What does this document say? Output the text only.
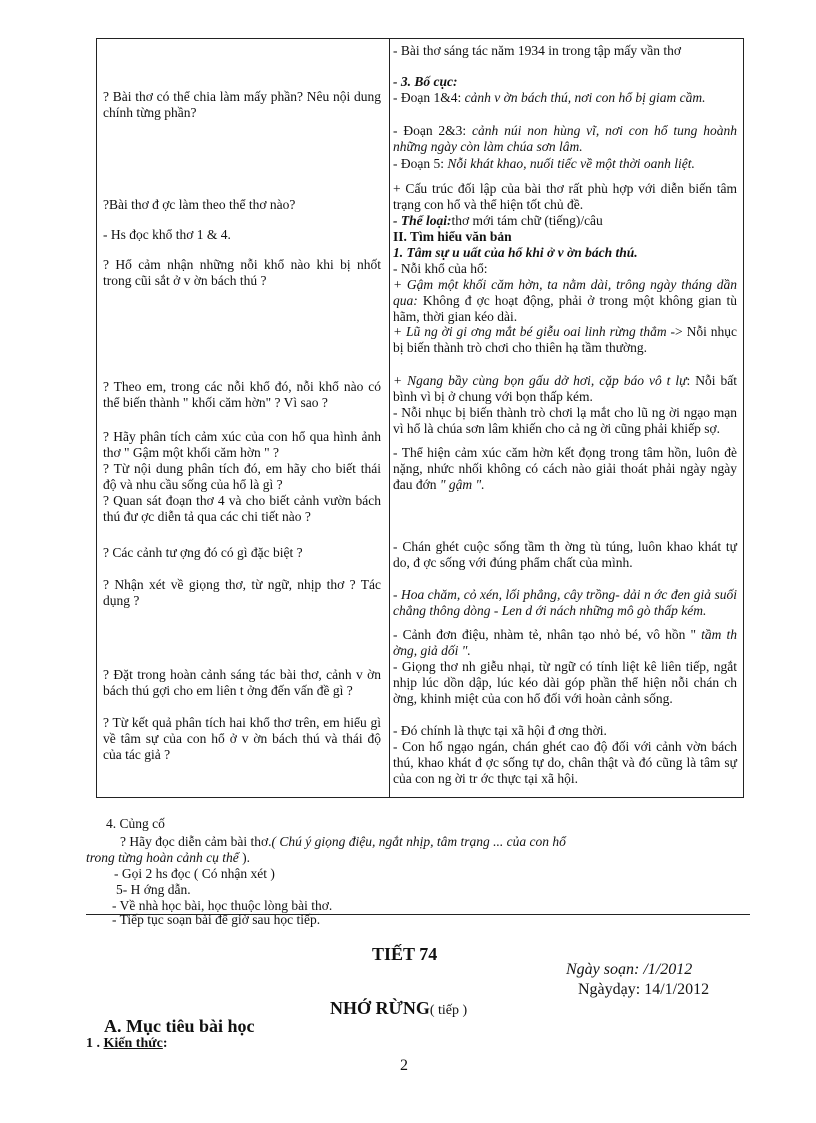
? Bài thơ có thể chia làm mấy phần? Nêu nội dung chính từng phần?
?Bài thơ đ ợc làm theo thể thơ nào?
- Hs đọc khổ thơ 1 & 4.
? Hổ cảm nhận những nỗi khổ nào khi bị nhốt trong cũi sắt ở v ờn bách thú ?
? Theo em, trong các nỗi khổ đó, nỗi khổ nào có thể biến thành " khối căm hờn" ? Vì sao ?
? Hãy phân tích cảm xúc của con hổ qua hình ảnh thơ " Gậm một khối căm hờn " ?
? Từ nội dung phân tích đó, em hãy cho biết thái độ và nhu cầu sống của hổ là gì ?
? Quan sát đoạn thơ 4 và cho biết cảnh vườn bách thú đư ợc diễn tả qua các chi tiết nào ?
? Các cảnh tư ợng đó có gì đặc biệt ?
? Nhận xét về giọng thơ, từ ngữ, nhịp thơ ? Tác dụng ?
? Đặt trong hoàn cảnh sáng tác bài thơ, cảnh v ờn bách thú gợi cho em liên t ởng đến vấn đề gì ?
? Từ kết quả phân tích hai khổ thơ trên, em hiểu gì về tâm sự của con hổ ở v ờn bách thú và thái độ của tác giả ?
- Bài thơ sáng tác năm 1934 in trong tập mấy vần thơ
- 3. Bố cục:
- Đoạn 1&4: cảnh v ờn bách thú, nơi con hổ bị giam cầm.
- Đoạn 2&3: cảnh núi non hùng vĩ, nơi con hổ tung hoành những ngày còn làm chúa sơn lâm.
- Đoạn 5: Nỗi khát khao, nuối tiếc về một thời oanh liệt.
+ Cấu trúc đối lập của bài thơ rất phù hợp với diễn biến tâm trạng con hổ và thể hiện tốt chủ đề.
- Thể loại:thơ mới tám chữ (tiếng)/câu
II. Tìm hiểu văn bản
1. Tâm sự u uất của hổ khi ở v ờn bách thú.
- Nỗi khổ của hổ:
+ Gậm một khối căm hờn, ta nằm dài, trông ngày tháng dần qua: Không đ ợc hoạt động, phải ở trong một không gian tù hãm, thời gian kéo dài.
+ Lũ ng ời gi ơng mắt bé giễu oai linh rừng thẳm -> Nỗi nhục bị biến thành trò chơi cho thiên hạ tầm thường.
+ Ngang bầy cùng bọn gấu dở hơi, cặp báo vô t lự: Nỗi bất bình vì bị ở chung với bọn thấp kém.
- Nỗi nhục bị biến thành trò chơi lạ mắt cho lũ ng ời ngạo mạn vì hổ là chúa sơn lâm khiến cho cả ng ời cũng phải khiếp sợ.
- Thể hiện cảm xúc căm hờn kết đọng trong tâm hồn, luôn đè nặng, nhức nhối không có cách nào giải thoát phải ngày ngày đau đớn " gậm ".
- Chán ghét cuộc sống tầm th ờng tù túng, luôn khao khát tự do, đ ợc sống với đúng phẩm chất của mình.
- Hoa chăm, cỏ xén, lối phẳng, cây trồng- dải n ớc đen giả suối chẳng thông dòng - Len d ới nách những mô gò thấp kém.
- Cảnh đơn điệu, nhàm tẻ, nhân tạo nhỏ bé, vô hồn " tầm th ờng, giả dối ".
- Giọng thơ nh giễu nhại, từ ngữ có tính liệt kê liên tiếp, ngắt nhịp lúc dồn dập, lúc kéo dài góp phần thể hiện nỗi chán ch ờng, khinh miệt của con hổ đối với hoàn cảnh sống.
- Đó chính là thực tại xã hội đ ơng thời.
- Con hổ ngạo ngán, chán ghét cao độ đối với cảnh vờn bách thú, khao khát đ ợc sống tự do, chân thật và đó cũng là tâm sự của con ng ời tr ớc thực tại xã hội.
4. Củng cố
? Hãy đọc diễn cảm bài thơ.( Chú ý giọng điệu, ngắt nhịp, tâm trạng ... của con hổ
trong từng hoàn cảnh cụ thể ).
- Gọi 2 hs đọc ( Có nhận xét )
5- H ớng dẫn.
- Về nhà học bài, học thuộc lòng bài thơ.
- Tiếp tục soạn bài để giờ sau học tiếp.
TIẾT 74
Ngày soạn: /1/2012
Ngàydạy: 14/1/2012
NHỚ RỪNG( tiếp )
A. Mục tiêu bài học
1 . Kiến thức:
2
